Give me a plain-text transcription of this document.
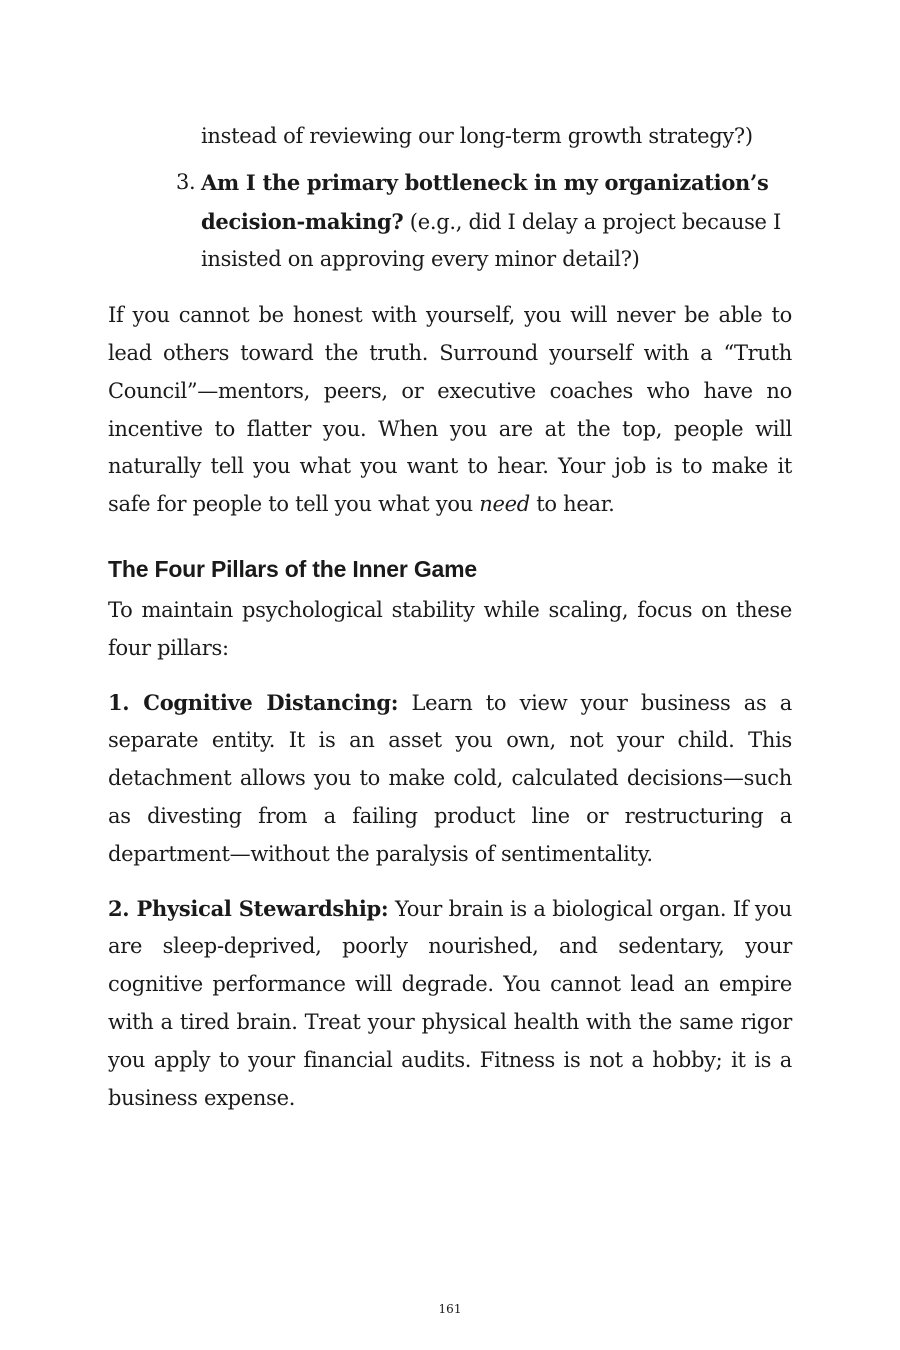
instead of reviewing our long-term growth strategy?)
3. Am I the primary bottleneck in my organization’s decision-making? (e.g., did I delay a project because I insisted on approving every minor detail?)

If you cannot be honest with yourself, you will never be able to lead others toward the truth. Surround yourself with a “Truth Council”—mentors, peers, or executive coaches who have no incentive to flatter you. When you are at the top, people will naturally tell you what you want to hear. Your job is to make it safe for people to tell you what you need to hear.

The Four Pillars of the Inner Game

To maintain psychological stability while scaling, focus on these four pillars:

1. Cognitive Distancing: Learn to view your business as a separate entity. It is an asset you own, not your child. This detachment allows you to make cold, calculated decisions—such as divesting from a failing product line or restructuring a department—without the paralysis of sentimentality.

2. Physical Stewardship: Your brain is a biological organ. If you are sleep-deprived, poorly nourished, and sedentary, your cognitive performance will degrade. You cannot lead an empire with a tired brain. Treat your physical health with the same rigor you apply to your financial audits. Fitness is not a hobby; it is a business expense.

161
